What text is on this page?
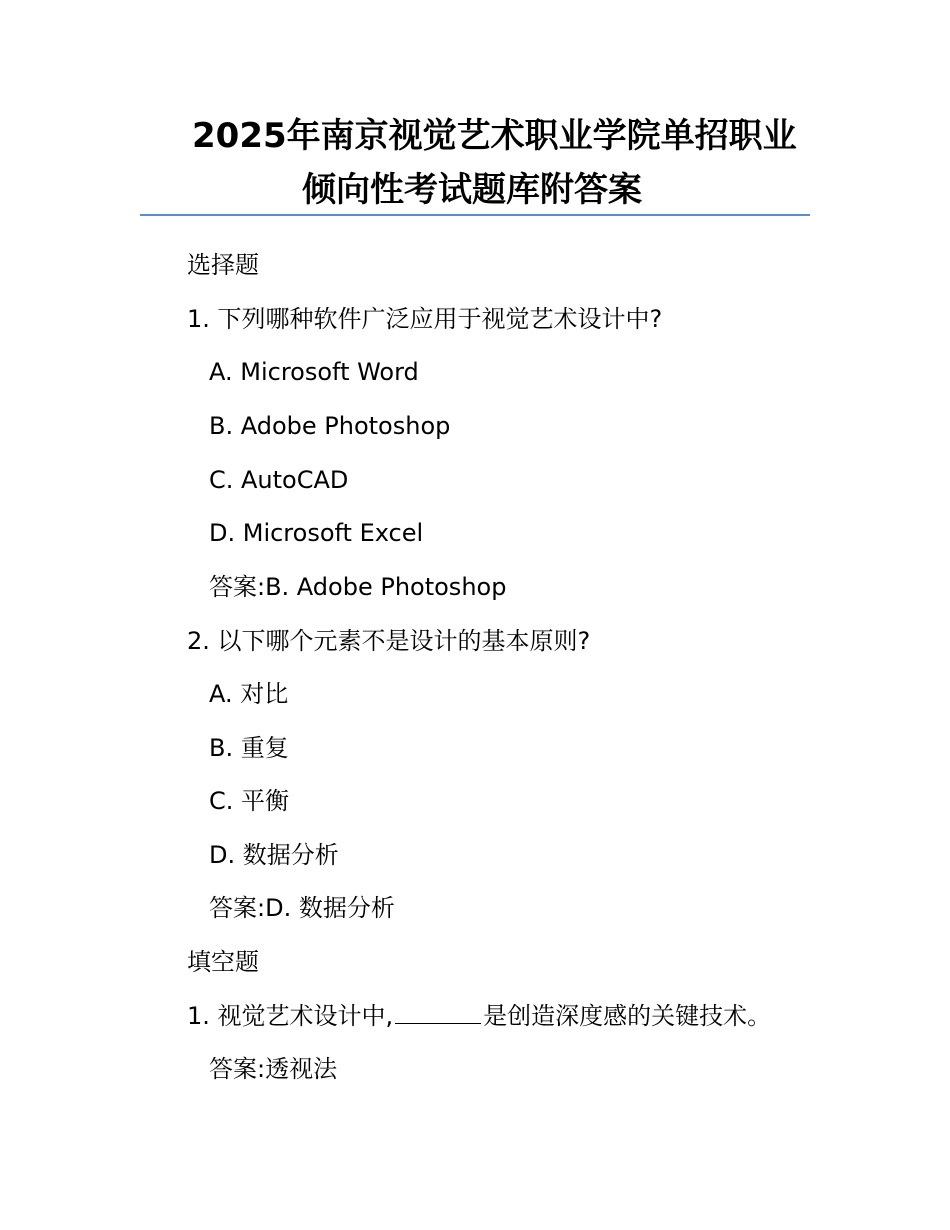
2025年南京视觉艺术职业学院单招职业
倾向性考试题库附答案
选择题
1. 下列哪种软件广泛应用于视觉艺术设计中?
A. Microsoft Word
B. Adobe Photoshop
C. AutoCAD
D. Microsoft Excel
答案:B. Adobe Photoshop
2. 以下哪个元素不是设计的基本原则?
A. 对比
B. 重复
C. 平衡
D. 数据分析
答案:D. 数据分析
填空题
1. 视觉艺术设计中,	是创造深度感的关键技术。
答案:透视法
